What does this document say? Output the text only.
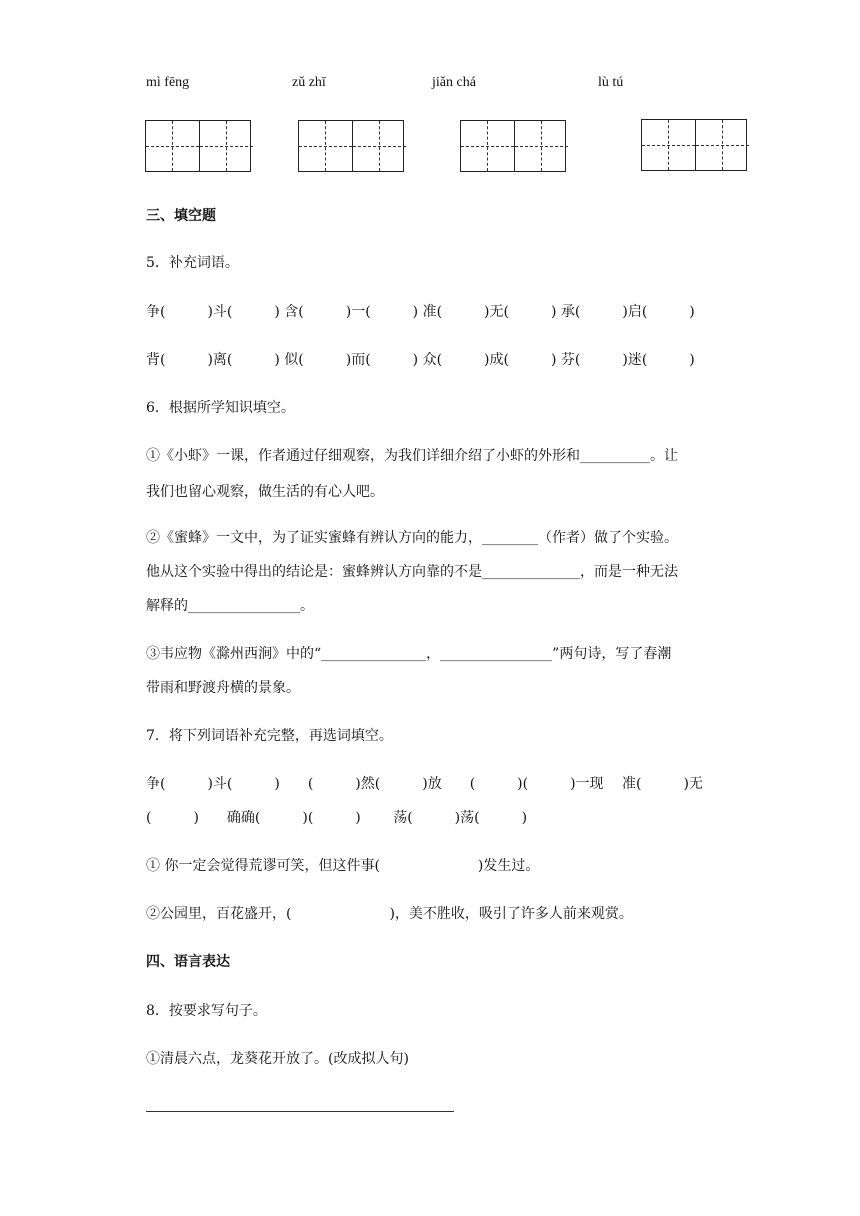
mì fēng	zǔ zhī	jiǎn chá	lù tú
三、填空题
5．补充词语。
争(　　　)斗(　　　) 含(　　　)一(　　　) 准(　　　)无(　　　) 承(　　　)启(　　　)
背(　　　)离(　　　) 似(　　　)而(　　　) 众(　　　)成(　　　) 芬(　　　)迷(　　　)
6．根据所学知识填空。
①《小虾》一课，作者通过仔细观察，为我们详细介绍了小虾的外形和__________。让
我们也留心观察，做生活的有心人吧。
②《蜜蜂》一文中，为了证实蜜蜂有辨认方向的能力，________（作者）做了个实验。
他从这个实验中得出的结论是：蜜蜂辨认方向靠的不是______________，而是一种无法
解释的________________。
③韦应物《滁州西涧》中的“_______________，________________”两句诗，写了春潮
带雨和野渡舟横的景象。
7．将下列词语补充完整，再选词填空。
争(　　　)斗(　　　)　　(　　　)然(　　　)放　　(　　　)(　　　)一现　 准(　　　)无
(　　　)　　确确(　　　)(　　　)　　 荡(　　　)荡(　　　)
① 你一定会觉得荒谬可笑，但这件事(　　　　　　　)发生过。
②公园里，百花盛开，(　　　　　　　)，美不胜收，吸引了许多人前来观赏。
四、语言表达
8．按要求写句子。
①清晨六点，龙葵花开放了。(改成拟人句)
